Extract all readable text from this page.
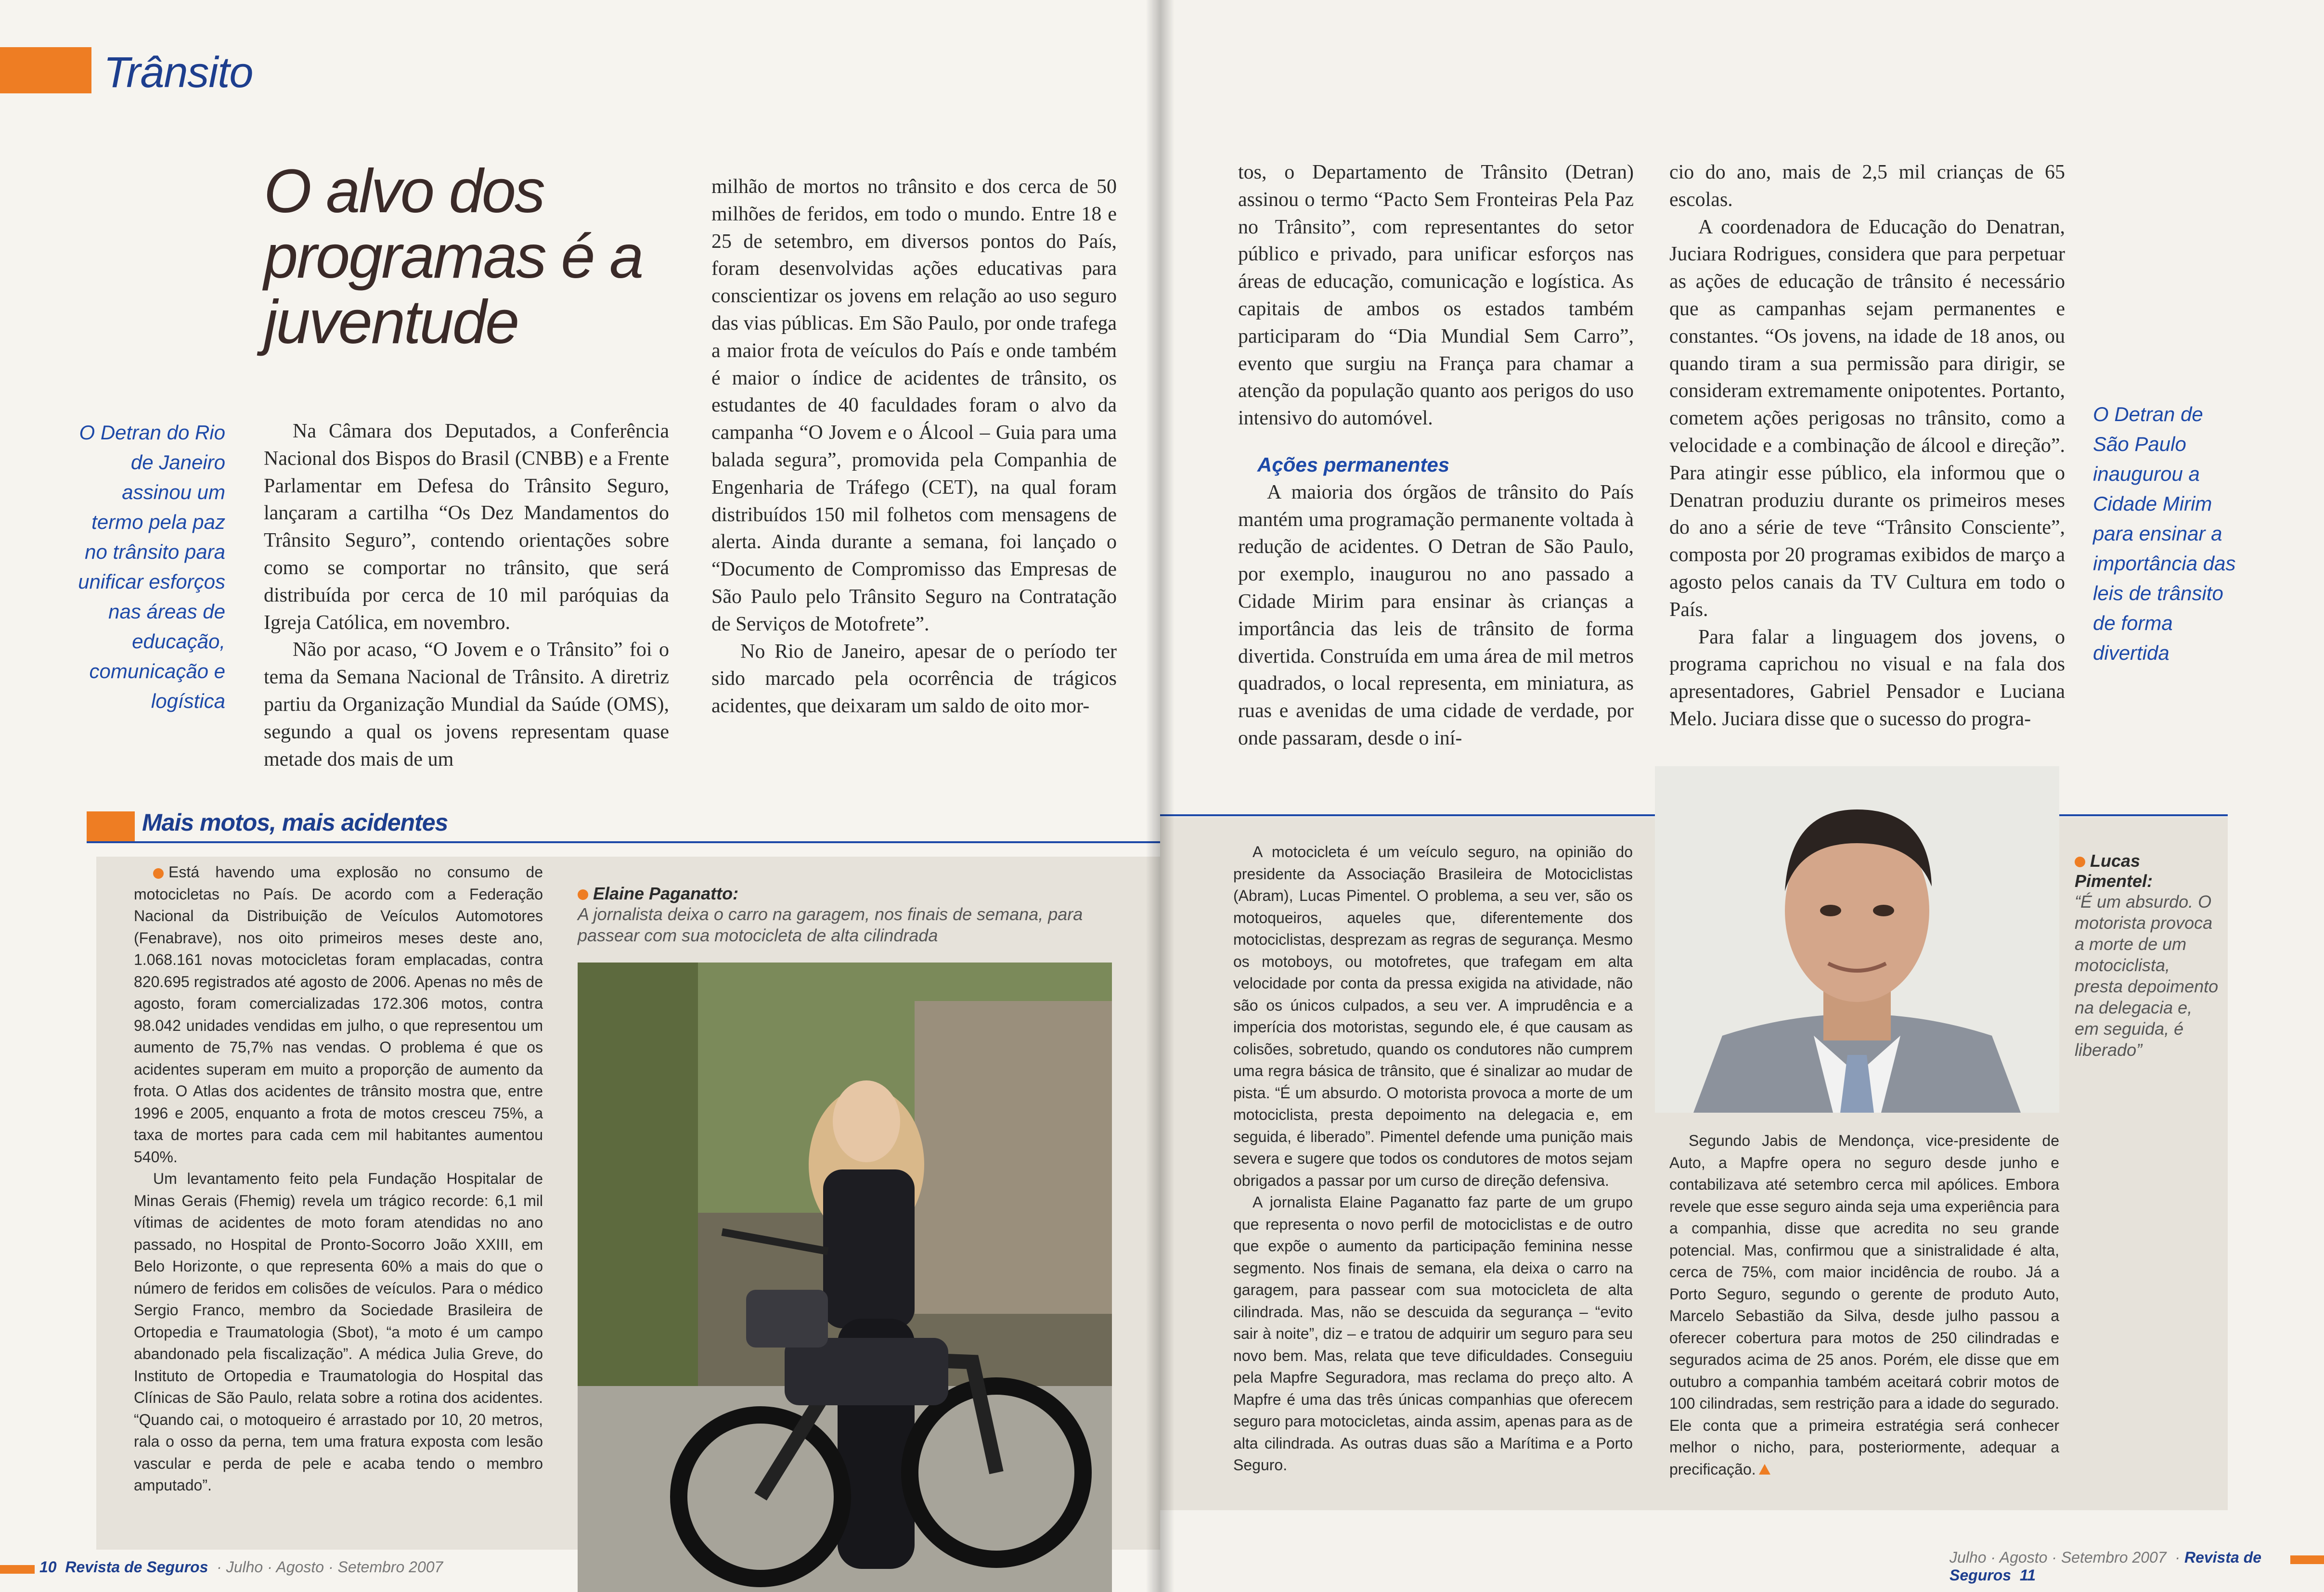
Trânsito
O alvo dos programas é a juventude
O Detran do Rio de Janeiro assinou um termo pela paz no trânsito para unificar esforços nas áreas de educação, comunicação e logística

Na Câmara dos Deputados, a Conferência Nacional dos Bispos do Brasil (CNBB) e a Frente Parlamentar em Defesa do Trânsito Seguro, lançaram a cartilha “Os Dez Mandamentos do Trânsito Seguro”, contendo orientações sobre como se comportar no trânsito, que será distribuída por cerca de 10 mil paróquias da Igreja Católica, em novembro.

Não por acaso, “O Jovem e o Trânsito” foi o tema da Semana Nacional de Trânsito. A diretriz partiu da Organização Mundial da Saúde (OMS), segundo a qual os jovens representam quase metade dos mais de um

milhão de mortos no trânsito e dos cerca de 50 milhões de feridos, em todo o mundo. Entre 18 e 25 de setembro, em diversos pontos do País, foram desenvolvidas ações educativas para conscientizar os jovens em relação ao uso seguro das vias públicas. Em São Paulo, por onde trafega a maior frota de veículos do País e onde também é maior o índice de acidentes de trânsito, os estudantes de 40 faculdades foram o alvo da campanha “O Jovem e o Álcool – Guia para uma balada segura”, promovida pela Companhia de Engenharia de Tráfego (CET), na qual foram distribuídos 150 mil folhetos com mensagens de alerta. Ainda durante a semana, foi lançado o “Documento de Compromisso das Empresas de São Paulo pelo Trânsito Seguro na Contratação de Serviços de Motofrete”.

No Rio de Janeiro, apesar de o período ter sido marcado pela ocorrência de trágicos acidentes, que deixaram um saldo de oito mor-

Mais motos, mais acidentes

Está havendo uma explosão no consumo de motocicletas no País. De acordo com a Federação Nacional da Distribuição de Veículos Automotores (Fenabrave), nos oito primeiros meses deste ano, 1.068.161 novas motocicletas foram emplacadas, contra 820.695 registrados até agosto de 2006. Apenas no mês de agosto, foram comercializadas 172.306 motos, contra 98.042 unidades vendidas em julho, o que representou um aumento de 75,7% nas vendas. O problema é que os acidentes superam em muito a proporção de aumento da frota. O Atlas dos acidentes de trânsito mostra que, entre 1996 e 2005, enquanto a frota de motos cresceu 75%, a taxa de mortes para cada cem mil habitantes aumentou 540%.

Um levantamento feito pela Fundação Hospitalar de Minas Gerais (Fhemig) revela um trágico recorde: 6,1 mil vítimas de acidentes de moto foram atendidas no ano passado, no Hospital de Pronto-Socorro João XXIII, em Belo Horizonte, o que representa 60% a mais do que o número de feridos em colisões de veículos. Para o médico Sergio Franco, membro da Sociedade Brasileira de Ortopedia e Traumatologia (Sbot), “a moto é um campo abandonado pela fiscalização”. A médica Julia Greve, do Instituto de Ortopedia e Traumatologia do Hospital das Clínicas de São Paulo, relata sobre a rotina dos acidentes. “Quando cai, o motoqueiro é arrastado por 10, 20 metros, rala o osso da perna, tem uma fratura exposta com lesão vascular e perda de pele e acaba tendo o membro amputado”.

Elaine Paganatto:
A jornalista deixa o carro na garagem, nos finais de semana, para passear com sua motocicleta de alta cilindrada
10 Revista de Seguros  · Julho · Agosto · Setembro 2007

tos, o Departamento de Trânsito (Detran) assinou o termo “Pacto Sem Fronteiras Pela Paz no Trânsito”, com representantes do setor público e privado, para unificar esforços nas áreas de educação, comunicação e logística. As capitais de ambos os estados também participaram do “Dia Mundial Sem Carro”, evento que surgiu na França para chamar a atenção da população quanto aos perigos do uso intensivo do automóvel.

Ações permanentes

A maioria dos órgãos de trânsito do País mantém uma programação permanente voltada à redução de acidentes. O Detran de São Paulo, por exemplo, inaugurou no ano passado a Cidade Mirim para ensinar às crianças a importância das leis de trânsito de forma divertida. Construída em uma área de mil metros quadrados, o local representa, em miniatura, as ruas e avenidas de uma cidade de verdade, por onde passaram, desde o iní-

cio do ano, mais de 2,5 mil crianças de 65 escolas.

A coordenadora de Educação do Denatran, Juciara Rodrigues, considera que para perpetuar as ações de educação de trânsito é necessário que as campanhas sejam permanentes e constantes. “Os jovens, na idade de 18 anos, ou quando tiram a sua permissão para dirigir, se consideram extremamente onipotentes. Portanto, cometem ações perigosas no trânsito, como a velocidade e a combinação de álcool e direção”. Para atingir esse público, ela informou que o Denatran produziu durante os primeiros meses do ano a série de teve “Trânsito Consciente”, composta por 20 programas exibidos de março a agosto pelos canais da TV Cultura em todo o País.

Para falar a linguagem dos jovens, o programa caprichou no visual e na fala dos apresentadores, Gabriel Pensador e Luciana Melo. Juciara disse que o sucesso do progra-

O Detran de São Paulo inaugurou a Cidade Mirim para ensinar a importância das leis de trânsito de forma divertida

A motocicleta é um veículo seguro, na opinião do presidente da Associação Brasileira de Motociclistas (Abram), Lucas Pimentel. O problema, a seu ver, são os motoqueiros, aqueles que, diferentemente dos motociclistas, desprezam as regras de segurança. Mesmo os motoboys, ou motofretes, que trafegam em alta velocidade por conta da pressa exigida na atividade, não são os únicos culpados, a seu ver. A imprudência e a imperícia dos motoristas, segundo ele, é que causam as colisões, sobretudo, quando os condutores não cumprem uma regra básica de trânsito, que é sinalizar ao mudar de pista. “É um absurdo. O motorista provoca a morte de um motociclista, presta depoimento na delegacia e, em seguida, é liberado”. Pimentel defende uma punição mais severa e sugere que todos os condutores de motos sejam obrigados a passar por um curso de direção defensiva.

A jornalista Elaine Paganatto faz parte de um grupo que representa o novo perfil de motociclistas e de outro que expõe o aumento da participação feminina nesse segmento. Nos finais de semana, ela deixa o carro na garagem, para passear com sua motocicleta de alta cilindrada. Mas, não se descuida da segurança – “evito sair à noite”, diz – e tratou de adquirir um seguro para seu novo bem. Mas, relata que teve dificuldades. Conseguiu pela Mapfre Seguradora, mas reclama do preço alto. A Mapfre é uma das três únicas companhias que oferecem seguro para motocicletas, ainda assim, apenas para as de alta cilindrada. As outras duas são a Marítima e a Porto Seguro.

Lucas Pimentel:
“É um absurdo. O motorista provoca a morte de um motociclista, presta depoimento na delegacia e, em seguida, é liberado”

Segundo Jabis de Mendonça, vice-presidente de Auto, a Mapfre opera no seguro desde junho e contabilizava até setembro cerca mil apólices. Embora revele que esse seguro ainda seja uma experiência para a companhia, disse que acredita no seu grande potencial. Mas, confirmou que a sinistralidade é alta, cerca de 75%, com maior incidência de roubo. Já a Porto Seguro, segundo o gerente de produto Auto, Marcelo Sebastião da Silva, desde julho passou a oferecer cobertura para motos de 250 cilindradas e segurados acima de 25 anos. Porém, ele disse que em outubro a companhia também aceitará cobrir motos de 100 cilindradas, sem restrição para a idade do segurado. Ele conta que a primeira estratégia será conhecer melhor o nicho, para, posteriormente, adequar a precificação.

Julho · Agosto · Setembro 2007  · Revista de Seguros 11
